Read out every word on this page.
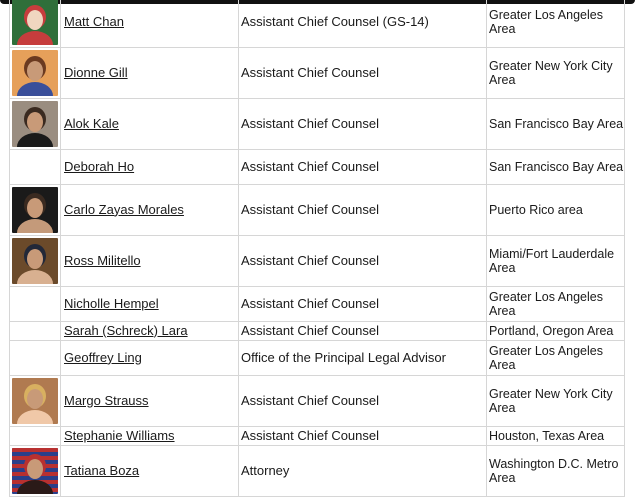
	Matt Chan	Assistant Chief Counsel (GS-14)	Greater Los Angeles Area

	Dionne Gill	Assistant Chief Counsel	Greater New York City Area

	Alok Kale	Assistant Chief Counsel	San Francisco Bay Area
	Deborah Ho	Assistant Chief Counsel	San Francisco Bay Area

	Carlo Zayas Morales	Assistant Chief Counsel	Puerto Rico area

	Ross Militello	Assistant Chief Counsel	Miami/Fort Lauderdale Area
	Nicholle Hempel	Assistant Chief Counsel	Greater Los Angeles Area
	Sarah (Schreck) Lara	Assistant Chief Counsel	Portland, Oregon Area
	Geoffrey Ling	Office of the Principal Legal Advisor	Greater Los Angeles Area

	Margo Strauss	Assistant Chief Counsel	Greater New York City Area
	Stephanie Williams	Assistant Chief Counsel	Houston, Texas Area

	Tatiana Boza	Attorney	Washington D.C. Metro Area
